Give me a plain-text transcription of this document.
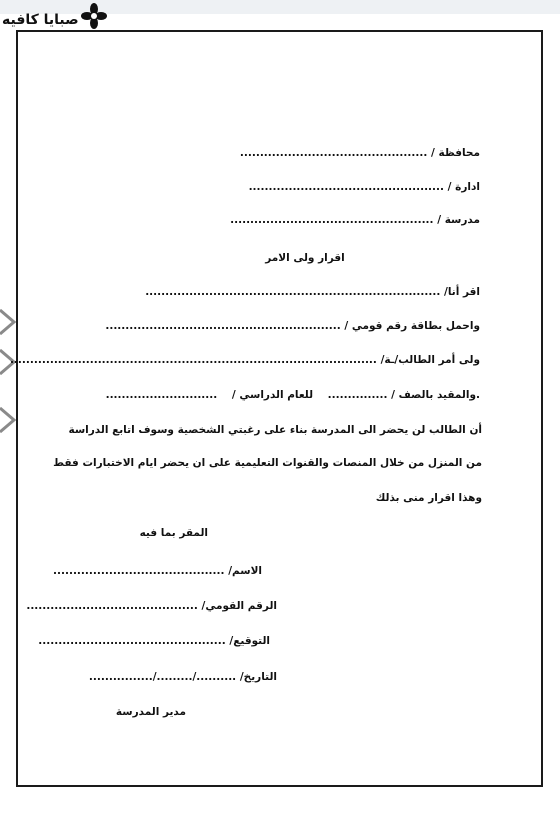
صبايا كافيه
محافظة / ...............................................
ادارة / .................................................
مدرسة / ...................................................
اقرار ولى الامر
اقر أنا/ ..........................................................................
واحمل بطاقة رقم قومي / ...........................................................
ولى أمر الطالب/ـة/ ............................................................................................
.والمقيد بالصف / ...............    للعام الدراسي /    ............................
أن الطالب لن يحضر الى المدرسة بناء على رغبتي الشخصية وسوف اتابع الدراسة
من المنزل من خلال المنصات والقنوات التعليمية على ان يحضر ايام الاختبارات فقط
وهذا اقرار منى بذلك
المقر بما فيه
الاسم/ ...........................................
الرقم القومي/ ...........................................
التوقيع/ ...............................................
التاريخ/ ........../........./................
مدير المدرسة
